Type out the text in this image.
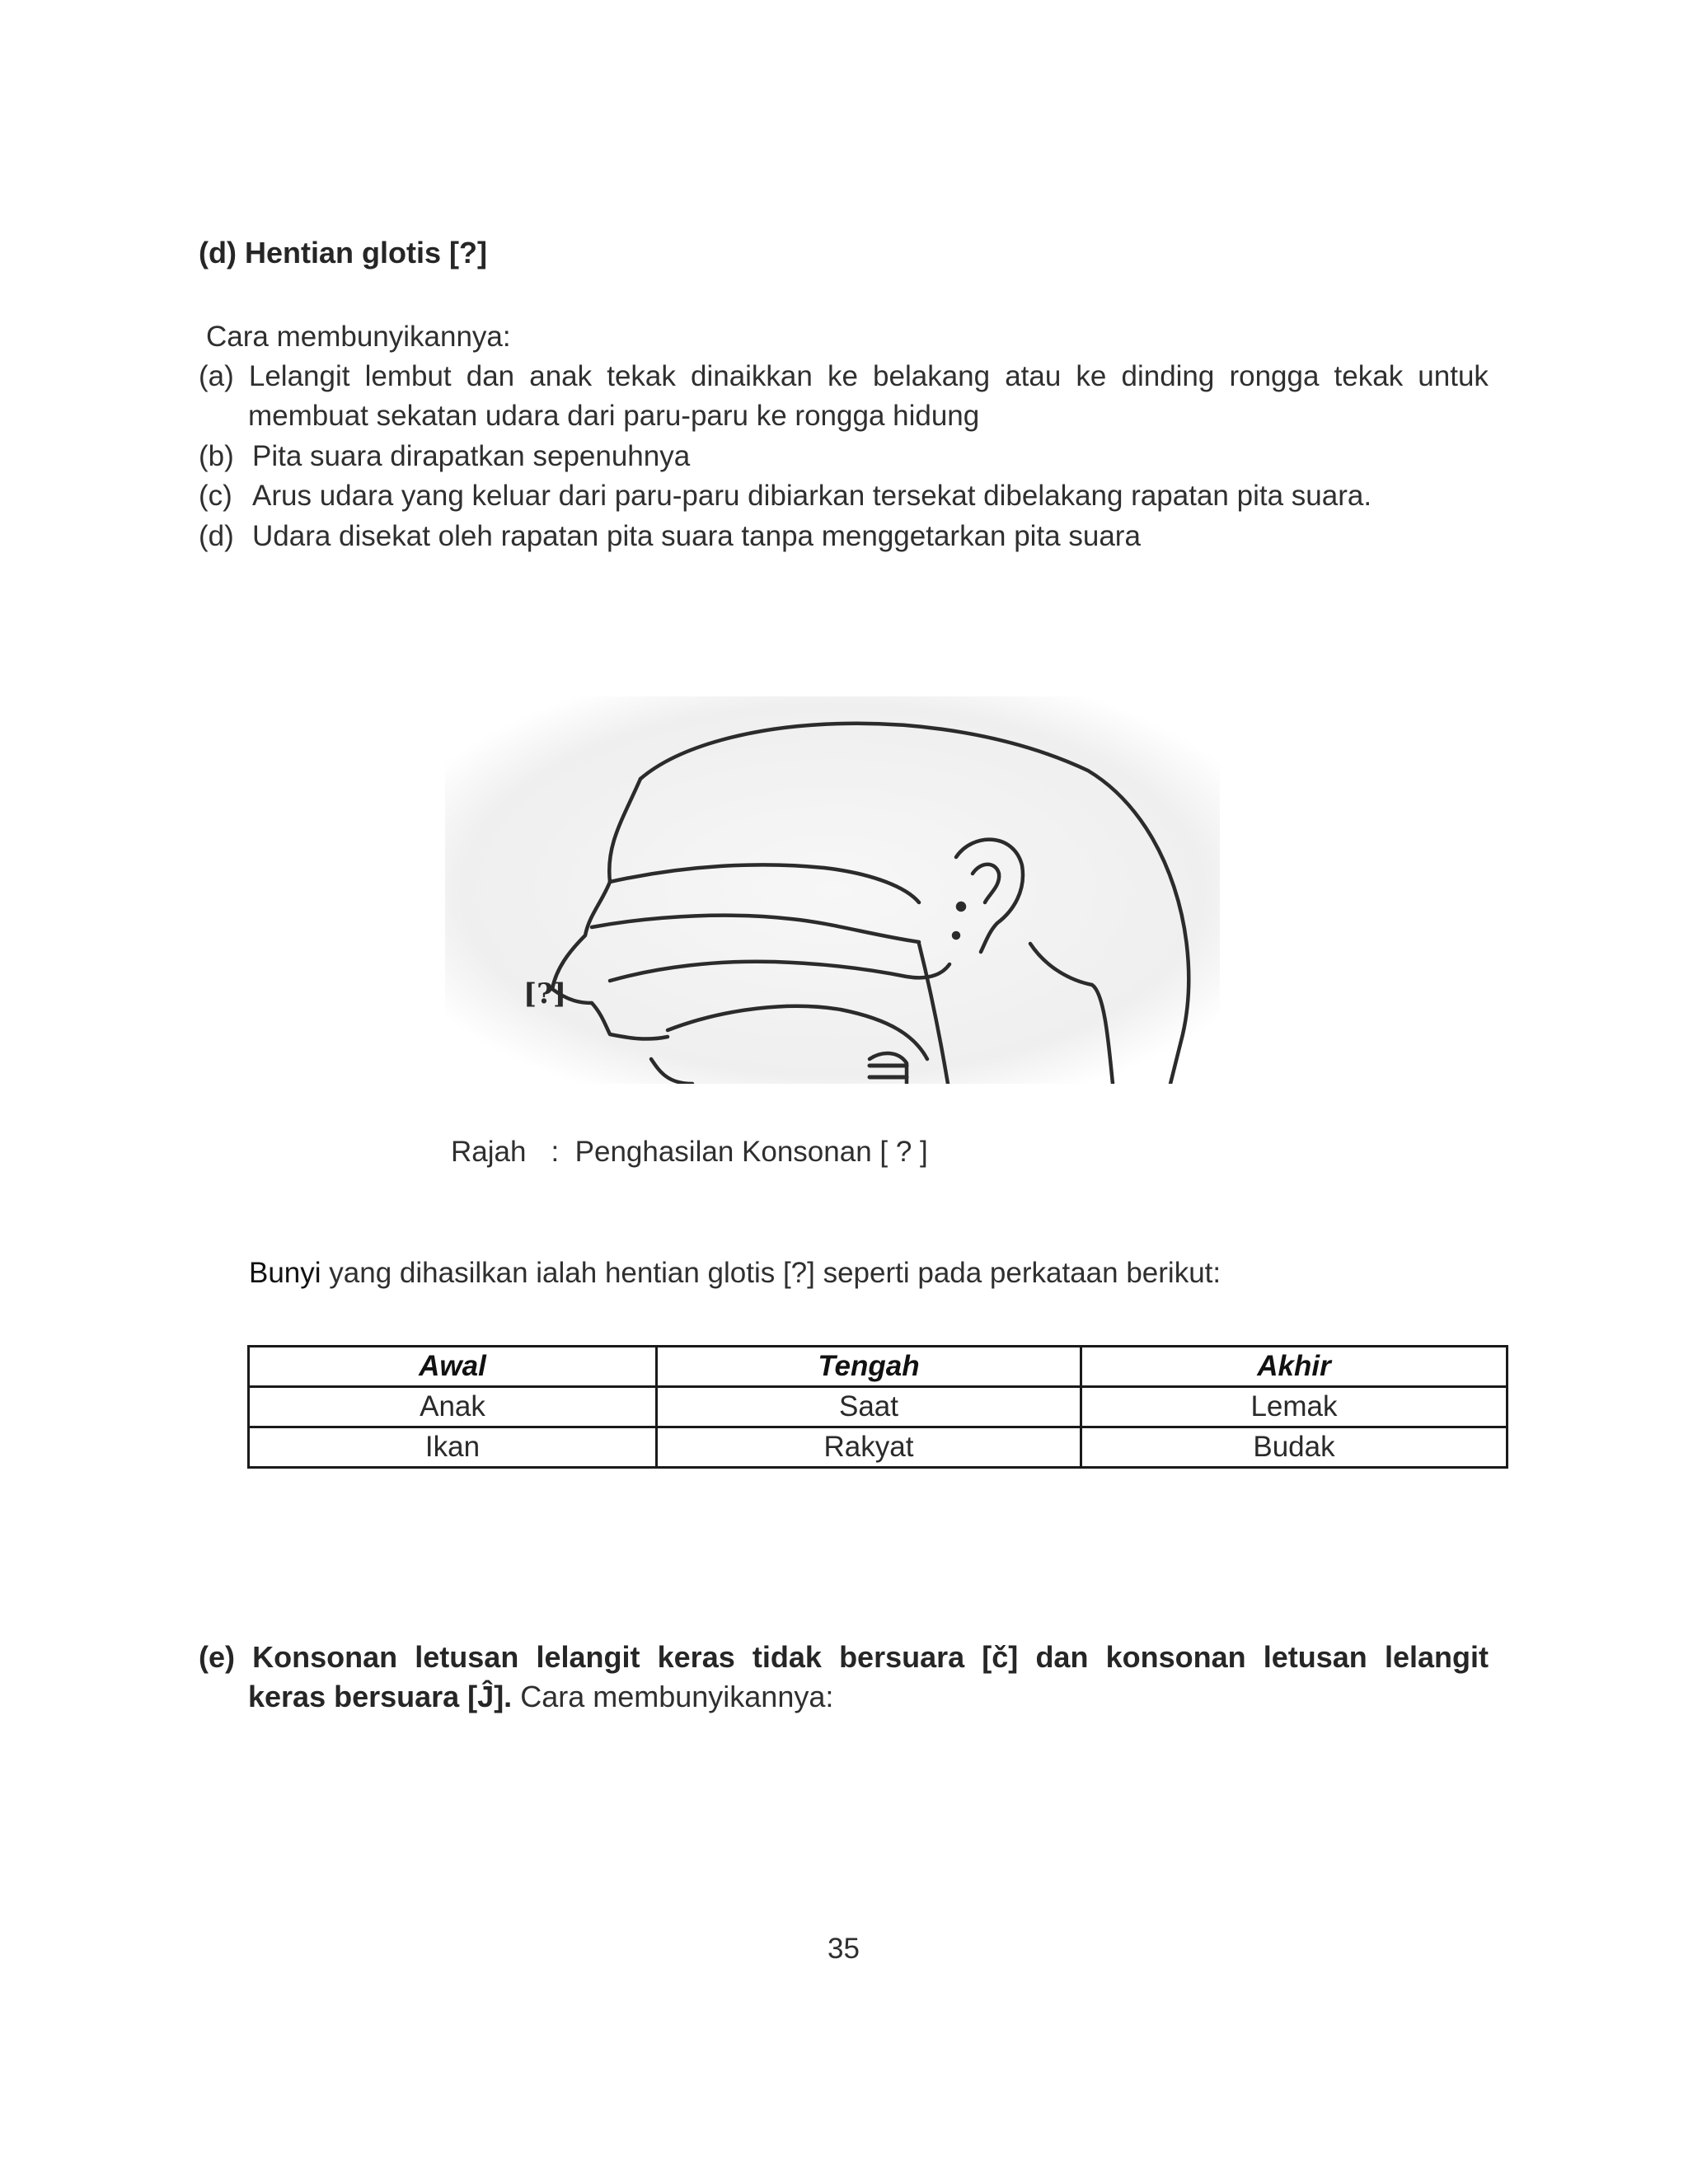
(d) Hentian glotis [?]
Cara membunyikannya:
(a) Lelangit lembut dan anak tekak dinaikkan ke belakang atau ke dinding rongga tekak untuk
membuat sekatan udara dari paru-paru ke rongga hidung
(b) Pita suara dirapatkan sepenuhnya
(c) Arus udara yang keluar dari paru-paru dibiarkan tersekat dibelakang rapatan pita suara.
(d) Udara disekat oleh rapatan pita suara tanpa menggetarkan pita suara
[?]
Rajah : Penghasilan Konsonan [ ? ]
Bunyi yang dihasilkan ialah hentian glotis [?] seperti pada perkataan berikut:
Awal	Tengah	Akhir
Anak	Saat	Lemak
Ikan	Rakyat	Budak
(e) Konsonan letusan lelangit keras tidak bersuara [č] dan konsonan letusan lelangit
keras bersuara [Ĵ]. Cara membunyikannya:
35
